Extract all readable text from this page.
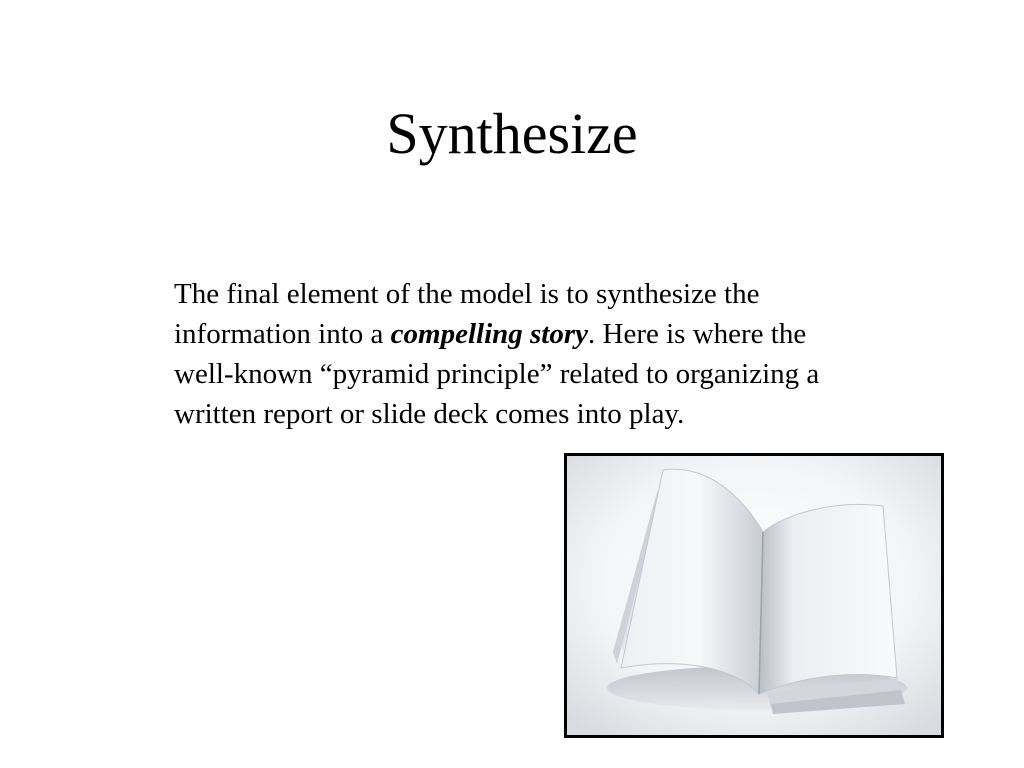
Synthesize

The final element of the model is to synthesize the information into a compelling story. Here is where the well-known “pyramid principle” related to organizing a written report or slide deck comes into play.
